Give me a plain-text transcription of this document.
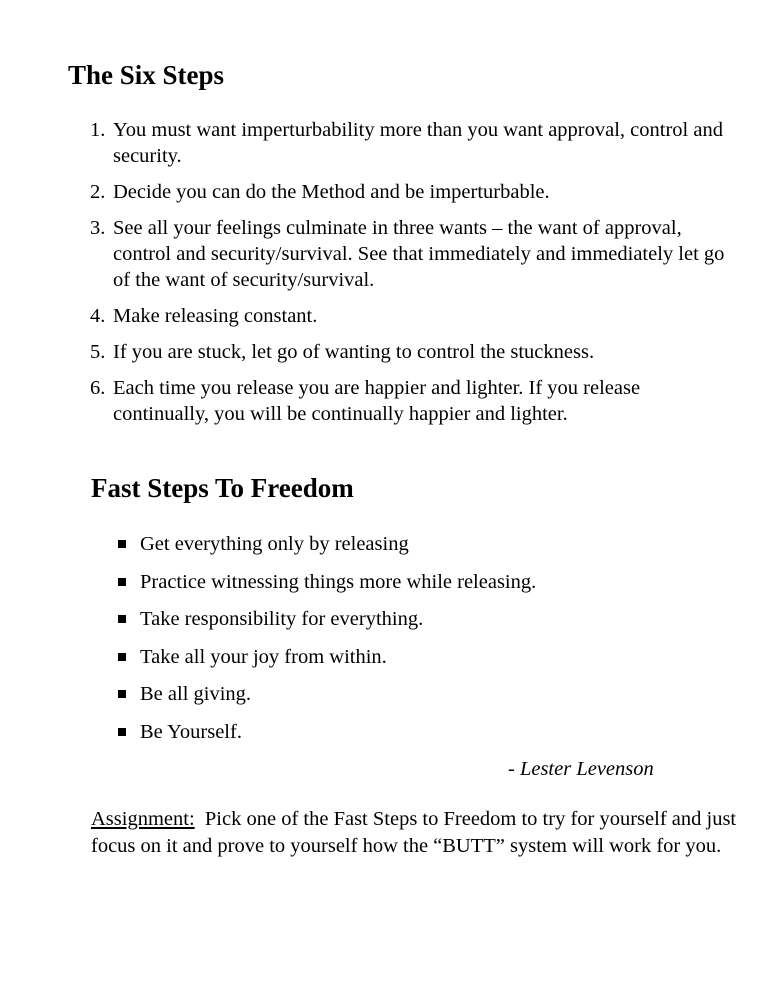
The Six Steps
1. You must want imperturbability more than you want approval, control and security.
2. Decide you can do the Method and be imperturbable.
3. See all your feelings culminate in three wants – the want of approval, control and security/survival. See that immediately and immediately let go of the want of security/survival.
4. Make releasing constant.
5. If you are stuck, let go of wanting to control the stuckness.
6. Each time you release you are happier and lighter. If you release continually, you will be continually happier and lighter.
Fast Steps To Freedom
Get everything only by releasing
Practice witnessing things more while releasing.
Take responsibility for everything.
Take all your joy from within.
Be all giving.
Be Yourself.
- Lester Levenson

Assignment:  Pick one of the Fast Steps to Freedom to try for yourself and just focus on it and prove to yourself how the “BUTT” system will work for you.
